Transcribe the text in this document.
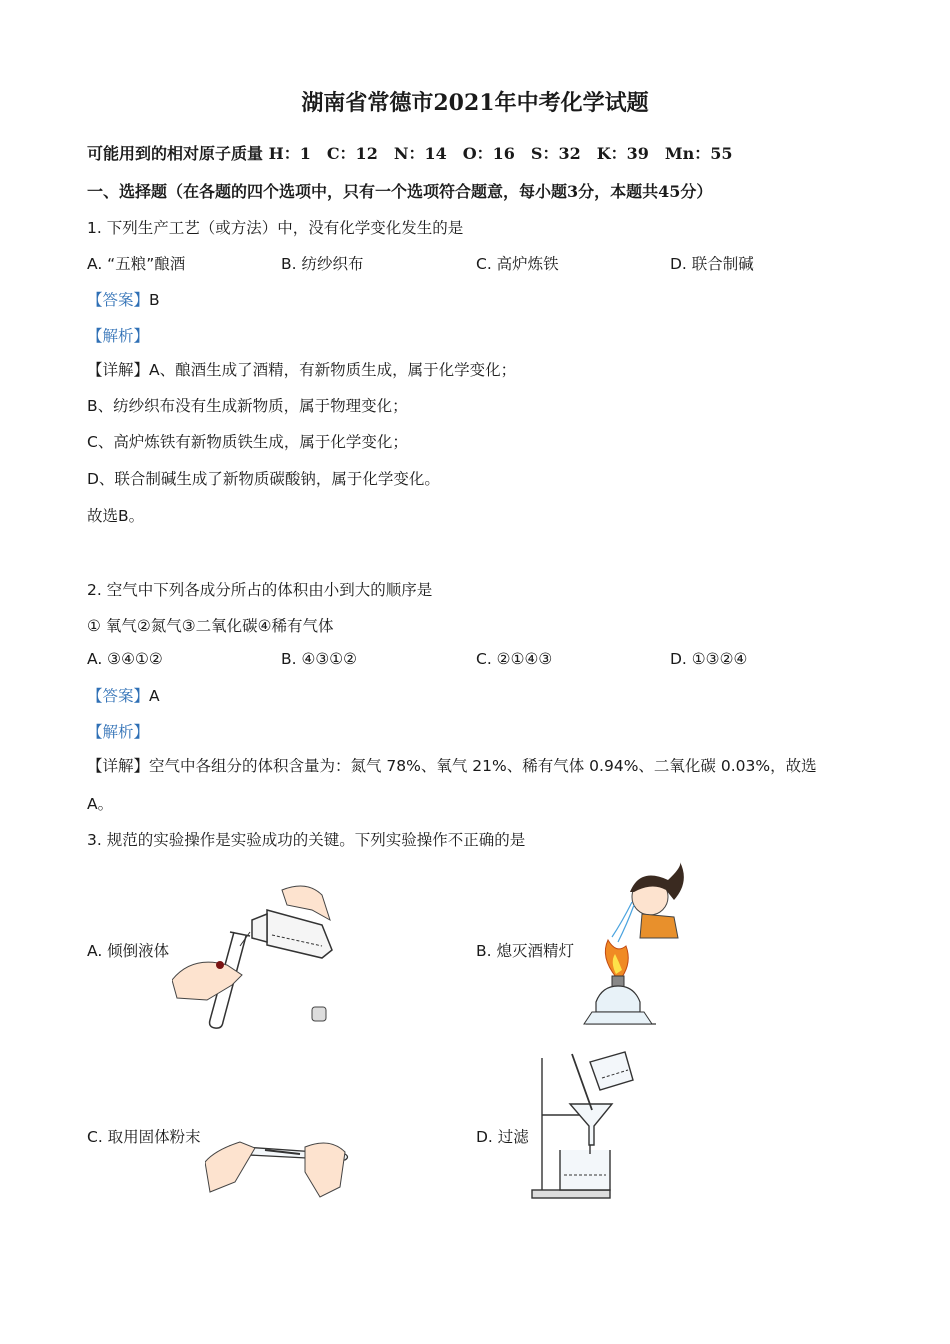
湖南省常德市2021年中考化学试题
可能用到的相对原子质量 H：1　C：12　N：14　O：16　S：32　K：39　Mn：55
一、选择题（在各题的四个选项中，只有一个选项符合题意，每小题3分，本题共45分）
1. 下列生产工艺（或方法）中，没有化学变化发生的是
A. “五粮”酿酒	B. 纺纱织布	C. 高炉炼铁	D. 联合制碱
【答案】B
【解析】
【详解】A、酿酒生成了酒精，有新物质生成，属于化学变化；
B、纺纱织布没有生成新物质，属于物理变化；
C、高炉炼铁有新物质铁生成，属于化学变化；
D、联合制碱生成了新物质碳酸钠，属于化学变化。
故选B。
2. 空气中下列各成分所占的体积由小到大的顺序是
① 氧气②氮气③二氧化碳④稀有气体
A. ③④①②	B. ④③①②	C. ②①④③	D. ①③②④
【答案】A
【解析】
【详解】空气中各组分的体积含量为：氮气 78%、氧气 21%、稀有气体 0.94%、二氧化碳 0.03%，故选
A。
3. 规范的实验操作是实验成功的关键。下列实验操作不正确的是
A. 倾倒液体	B. 熄灭酒精灯
C. 取用固体粉末	D. 过滤
